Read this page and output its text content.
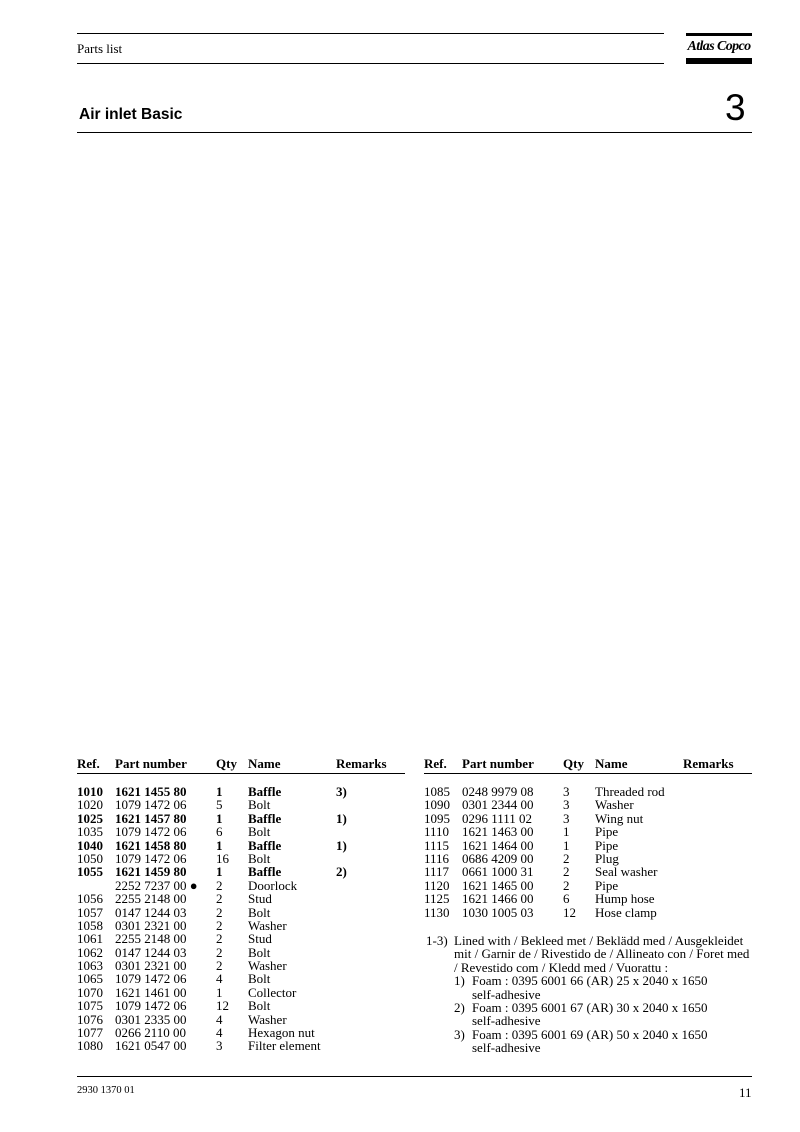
Parts list	Atlas Copco
Air inlet Basic	3
Ref. Part number Qty Name	Remarks
1010 1621 1455 80 1 Baffle	3)
1020 1079 1472 06 5 Bolt
1025 1621 1457 80 1 Baffle	1)
1035 1079 1472 06 6 Bolt
1040 1621 1458 80 1 Baffle	1)
1050 1079 1472 06 16 Bolt
1055 1621 1459 80 1 Baffle	2)
2252 7237 00 ● 2 Doorlock
1056 2255 2148 00 2 Stud
1057 0147 1244 03 2 Bolt
1058 0301 2321 00 2 Washer
1061 2255 2148 00 2 Stud
1062 0147 1244 03 2 Bolt
1063 0301 2321 00 2 Washer
1065 1079 1472 06 4 Bolt
1070 1621 1461 00 1 Collector
1075 1079 1472 06 12 Bolt
1076 0301 2335 00 4 Washer
1077 0266 2110 00 4 Hexagon nut
1080 1621 0547 00 3 Filter element
Ref. Part number Qty Name	Remarks
1085 0248 9979 08 3 Threaded rod
1090 0301 2344 00 3 Washer
1095 0296 1111 02 3 Wing nut
1110 1621 1463 00 1 Pipe
1115 1621 1464 00 1 Pipe
1116 0686 4209 00 2 Plug
1117 0661 1000 31 2 Seal washer
1120 1621 1465 00 2 Pipe
1125 1621 1466 00 6 Hump hose
1130 1030 1005 03 12 Hose clamp
1-3) Lined with / Bekleed met / Beklädd med / Ausgekleidet mit / Garnir de / Rivestido de / Allineato con / Foret med / Revestido com / Kledd med / Vuorattu :
1) Foam : 0395 6001 66 (AR) 25 x 2040 x 1650
self-adhesive
2) Foam : 0395 6001 67 (AR) 30 x 2040 x 1650
self-adhesive
3) Foam : 0395 6001 69 (AR) 50 x 2040 x 1650
self-adhesive
2930 1370 01	11
